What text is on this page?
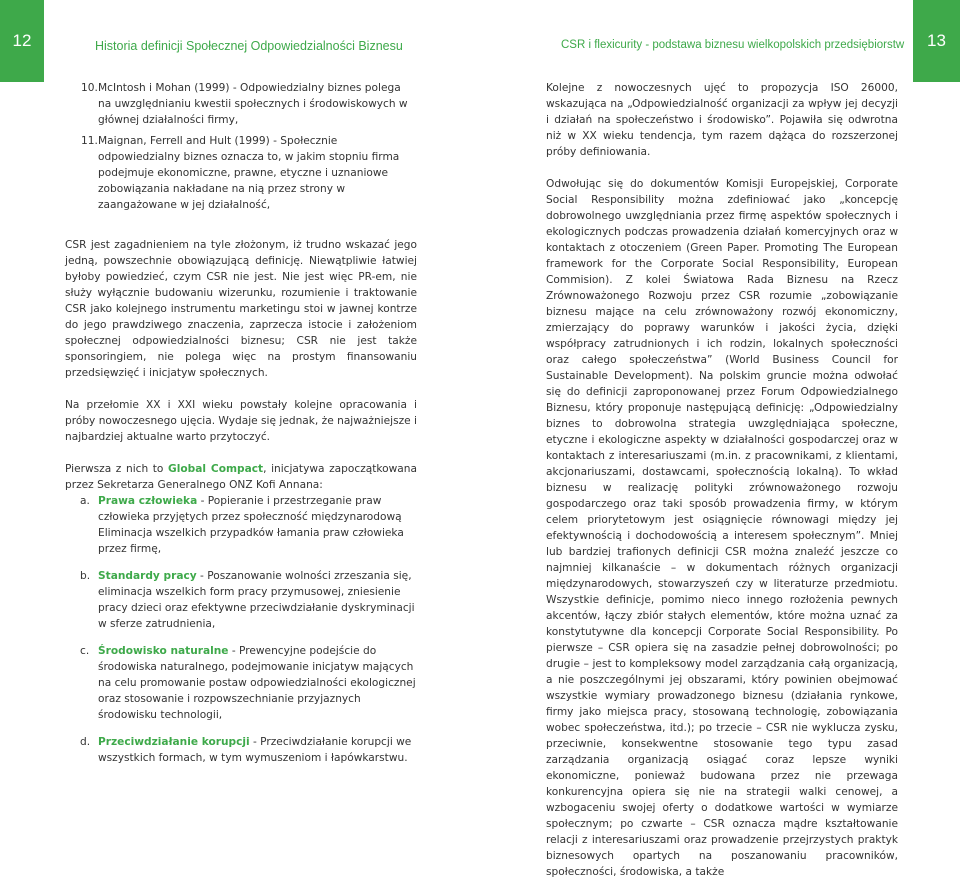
12	Historia definicji Społecznej Odpowiedzialności Biznesu	CSR i flexicurity - podstawa biznesu wielkopolskich przedsiębiorstw	13
10. McIntosh i Mohan (1999) - Odpowiedzialny biznes polega na uwzględnianiu kwestii społecznych i środowiskowych w głównej działalności firmy,

11. Maignan, Ferrell and Hult (1999) - Społecznie odpowiedzialny biznes oznacza to, w jakim stopniu firma podejmuje ekonomiczne, prawne, etyczne i uznaniowe zobowiązania nakładane na nią przez strony w zaangażowane w jej działalność,

CSR jest zagadnieniem na tyle złożonym, iż trudno wskazać jego jedną, powszechnie obowiązującą definicję. Niewątpliwie łatwiej byłoby powiedzieć, czym CSR nie jest. Nie jest więc PR-em, nie służy wyłącznie budowaniu wizerunku, rozumienie i traktowanie CSR jako kolejnego instrumentu marketingu stoi w jawnej kontrze do jego prawdziwego znaczenia, zaprzecza istocie i założeniom społecznej odpowiedzialności biznesu; CSR nie jest także sponsoringiem, nie polega więc na prostym finansowaniu przedsięwzięć i inicjatyw społecznych.

Na przełomie XX i XXI wieku powstały kolejne opracowania i próby nowoczesnego ujęcia. Wydaje się jednak, że najważniejsze i najbardziej aktualne warto przytoczyć.

Pierwsza z nich to Global Compact, inicjatywa zapoczątkowana przez Sekretarza Generalnego ONZ Kofi Annana:

a. Prawa człowieka - Popieranie i przestrzeganie praw człowieka przyjętych przez społeczność międzynarodową Eliminacja wszelkich przypadków łamania praw człowieka przez firmę,

b. Standardy pracy - Poszanowanie wolności zrzeszania się, eliminacja wszelkich form pracy przymusowej, zniesienie pracy dzieci oraz efektywne przeciwdziałanie dyskryminacji w sferze zatrudnienia,

c. Środowisko naturalne - Prewencyjne podejście do środowiska naturalnego, podejmowanie inicjatyw mających na celu promowanie postaw odpowiedzialności ekologicznej oraz stosowanie i rozpowszechnianie przyjaznych środowisku technologii,

d. Przeciwdziałanie korupcji - Przeciwdziałanie korupcji we wszystkich formach, w tym wymuszeniom i łapówkarstwu.

Kolejne z nowoczesnych ujęć to propozycja ISO 26000, wskazująca na „Odpowiedzialność organizacji za wpływ jej decyzji i działań na społeczeństwo i środowisko”. Pojawiła się odwrotna niż w XX wieku tendencja, tym razem dążąca do rozszerzonej próby definiowania.

Odwołując się do dokumentów Komisji Europejskiej, Corporate Social Responsibility można zdefiniować jako „koncepcję dobrowolnego uwzględniania przez firmę aspektów społecznych i ekologicznych podczas prowadzenia działań komercyjnych oraz w kontaktach z otoczeniem (Green Paper. Promoting The European framework for the Corporate Social Responsibility, European Commision). Z kolei Światowa Rada Biznesu na Rzecz Zrównoważonego Rozwoju przez CSR rozumie „zobowiązanie biznesu mające na celu zrównoważony rozwój ekonomiczny, zmierzający do poprawy warunków i jakości życia, dzięki współpracy zatrudnionych i ich rodzin, lokalnych społeczności oraz całego społeczeństwa” (World Business Council for Sustainable Development). Na polskim gruncie można odwołać się do definicji zaproponowanej przez Forum Odpowiedzialnego Biznesu, który proponuje następującą definicję: „Odpowiedzialny biznes to dobrowolna strategia uwzględniająca społeczne, etyczne i ekologiczne aspekty w działalności gospodarczej oraz w kontaktach z interesariuszami (m.in. z pracownikami, z klientami, akcjonariuszami, dostawcami, społecznością lokalną). To wkład biznesu w realizację polityki zrównoważonego rozwoju gospodarczego oraz taki sposób prowadzenia firmy, w którym celem priorytetowym jest osiągnięcie równowagi między jej efektywnością i dochodowością a interesem społecznym”. Mniej lub bardziej trafionych definicji CSR można znaleźć jeszcze co najmniej kilkanaście – w dokumentach różnych organizacji międzynarodowych, stowarzyszeń czy w literaturze przedmiotu. Wszystkie definicje, pomimo nieco innego rozłożenia pewnych akcentów, łączy zbiór stałych elementów, które można uznać za konstytutywne dla koncepcji Corporate Social Responsibility. Po pierwsze – CSR opiera się na zasadzie pełnej dobrowolności; po drugie – jest to kompleksowy model zarządzania całą organizacją, a nie poszczególnymi jej obszarami, który powinien obejmować wszystkie wymiary prowadzonego biznesu (działania rynkowe, firmy jako miejsca pracy, stosowaną technologię, zobowiązania wobec społeczeństwa, itd.); po trzecie – CSR nie wyklucza zysku, przeciwnie, konsekwentne stosowanie tego typu zasad zarządzania organizacją osiągać coraz lepsze wyniki ekonomiczne, ponieważ budowana przez nie przewaga konkurencyjna opiera się nie na strategii walki cenowej, a wzbogaceniu swojej oferty o dodatkowe wartości w wymiarze społecznym; po czwarte – CSR oznacza mądre kształtowanie relacji z interesariuszami oraz prowadzenie przejrzystych praktyk biznesowych opartych na poszanowaniu pracowników, społeczności, środowiska, a także
